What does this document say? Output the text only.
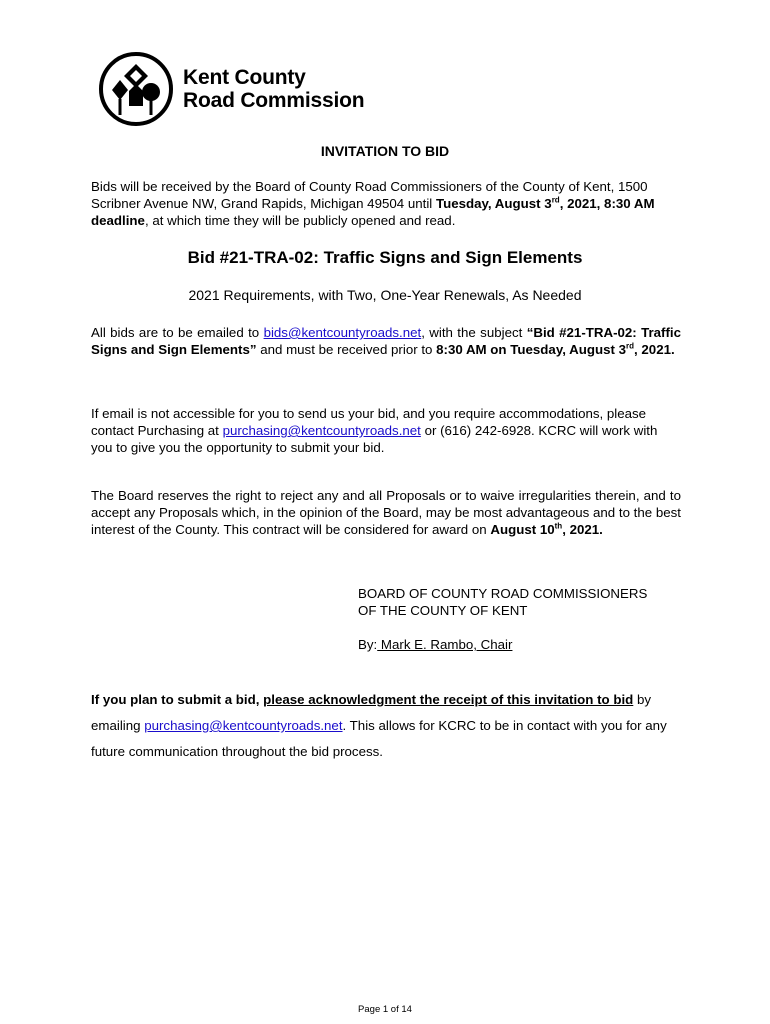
Kent County
Road Commission
INVITATION TO BID
Bids will be received by the Board of County Road Commissioners of the County of Kent, 1500 Scribner Avenue NW, Grand Rapids, Michigan 49504 until Tuesday, August 3rd, 2021, 8:30 AM deadline, at which time they will be publicly opened and read.
Bid #21-TRA-02: Traffic Signs and Sign Elements
2021 Requirements, with Two, One-Year Renewals, As Needed
All bids are to be emailed to bids@kentcountyroads.net, with the subject “Bid #21-TRA-02: Traffic Signs and Sign Elements” and must be received prior to 8:30 AM on Tuesday, August 3rd, 2021.
If email is not accessible for you to send us your bid, and you require accommodations, please contact Purchasing at purchasing@kentcountyroads.net or (616) 242-6928. KCRC will work with you to give you the opportunity to submit your bid.
The Board reserves the right to reject any and all Proposals or to waive irregularities therein, and to accept any Proposals which, in the opinion of the Board, may be most advantageous and to the best interest of the County. This contract will be considered for award on August 10th, 2021.
BOARD OF COUNTY ROAD COMMISSIONERS
OF THE COUNTY OF KENT
By: Mark E. Rambo, Chair
If you plan to submit a bid, please acknowledgment the receipt of this invitation to bid by emailing purchasing@kentcountyroads.net. This allows for KCRC to be in contact with you for any future communication throughout the bid process.
Page 1 of 14
